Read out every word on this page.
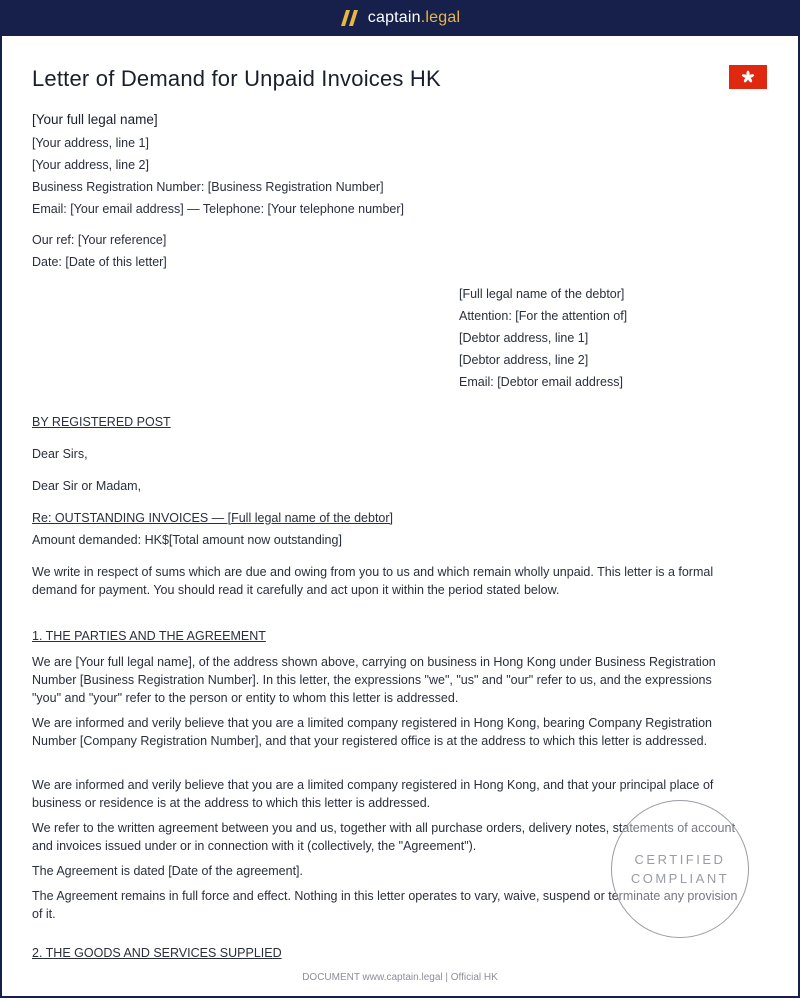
captain.legal
Letter of Demand for Unpaid Invoices HK
[Your full legal name]
[Your address, line 1]
[Your address, line 2]
Business Registration Number: [Business Registration Number]
Email: [Your email address] — Telephone: [Your telephone number]
Our ref: [Your reference]
Date: [Date of this letter]
[Full legal name of the debtor]
Attention: [For the attention of]
[Debtor address, line 1]
[Debtor address, line 2]
Email: [Debtor email address]
BY REGISTERED POST
Dear Sirs,
Dear Sir or Madam,
Re: OUTSTANDING INVOICES — [Full legal name of the debtor]
Amount demanded: HK$[Total amount now outstanding]

We write in respect of sums which are due and owing from you to us and which remain wholly unpaid. This letter is a formal demand for payment. You should read it carefully and act upon it within the period stated below.

1. THE PARTIES AND THE AGREEMENT

We are [Your full legal name], of the address shown above, carrying on business in Hong Kong under Business Registration Number [Business Registration Number]. In this letter, the expressions "we", "us" and "our" refer to us, and the expressions "you" and "your" refer to the person or entity to whom this letter is addressed.

We are informed and verily believe that you are a limited company registered in Hong Kong, bearing Company Registration Number [Company Registration Number], and that your registered office is at the address to which this letter is addressed.

We are informed and verily believe that you are a limited company registered in Hong Kong, and that your principal place of business or residence is at the address to which this letter is addressed.

We refer to the written agreement between you and us, together with all purchase orders, delivery notes, statements of account and invoices issued under or in connection with it (collectively, the "Agreement").

The Agreement is dated [Date of the agreement].

The Agreement remains in full force and effect. Nothing in this letter operates to vary, waive, suspend or terminate any provision of it.

2. THE GOODS AND SERVICES SUPPLIED

CERTIFIED
COMPLIANT
DOCUMENT www.captain.legal | Official HK
